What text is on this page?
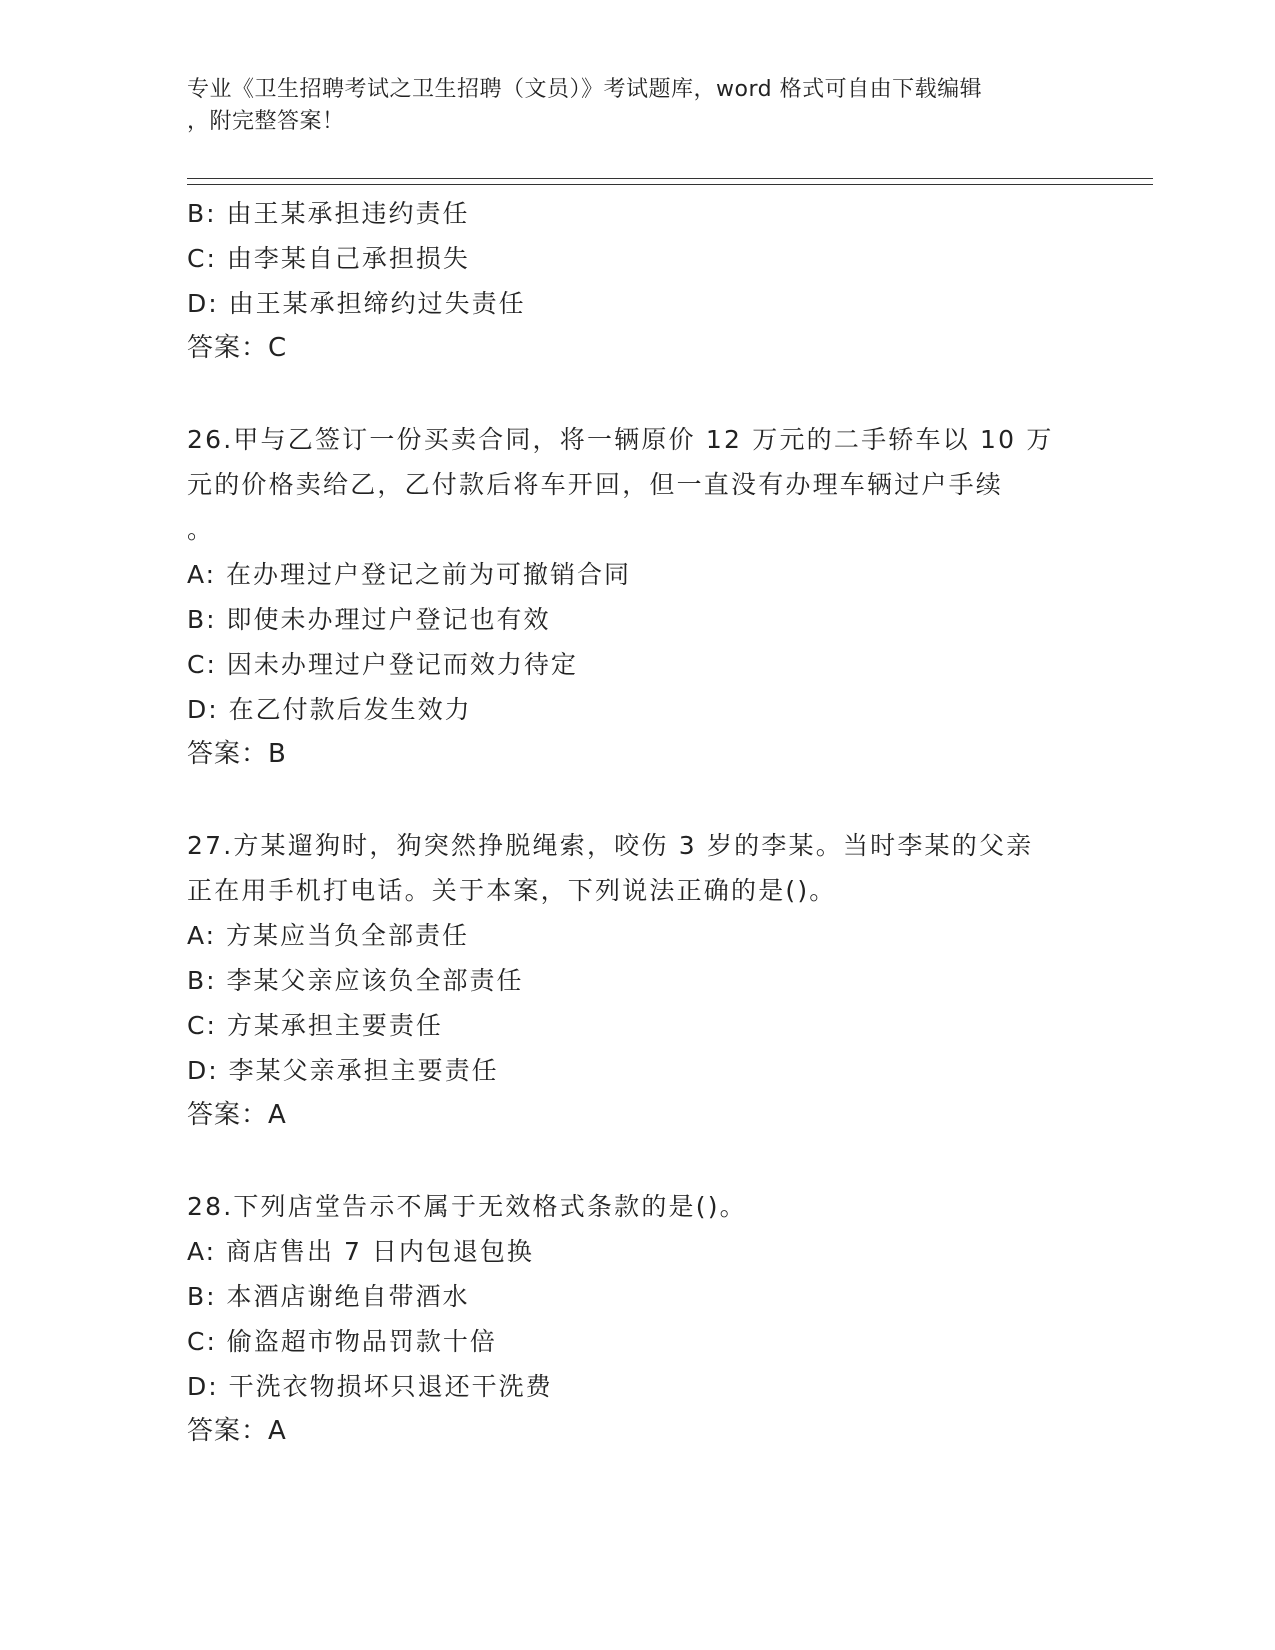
专业《卫生招聘考试之卫生招聘（文员）》考试题库，word 格式可自由下载编辑
，附完整答案！
B: 由王某承担违约责任
C: 由李某自己承担损失
D: 由王某承担缔约过失责任
答案：C
26.甲与乙签订一份买卖合同，将一辆原价 12 万元的二手轿车以 10 万
元的价格卖给乙，乙付款后将车开回，但一直没有办理车辆过户手续
。
A: 在办理过户登记之前为可撤销合同
B: 即使未办理过户登记也有效
C: 因未办理过户登记而效力待定
D: 在乙付款后发生效力
答案：B
27.方某遛狗时，狗突然挣脱绳索，咬伤 3 岁的李某。当时李某的父亲
正在用手机打电话。关于本案，下列说法正确的是()。
A: 方某应当负全部责任
B: 李某父亲应该负全部责任
C: 方某承担主要责任
D: 李某父亲承担主要责任
答案：A
28.下列店堂告示不属于无效格式条款的是()。
A: 商店售出 7 日内包退包换
B: 本酒店谢绝自带酒水
C: 偷盗超市物品罚款十倍
D: 干洗衣物损坏只退还干洗费
答案：A
